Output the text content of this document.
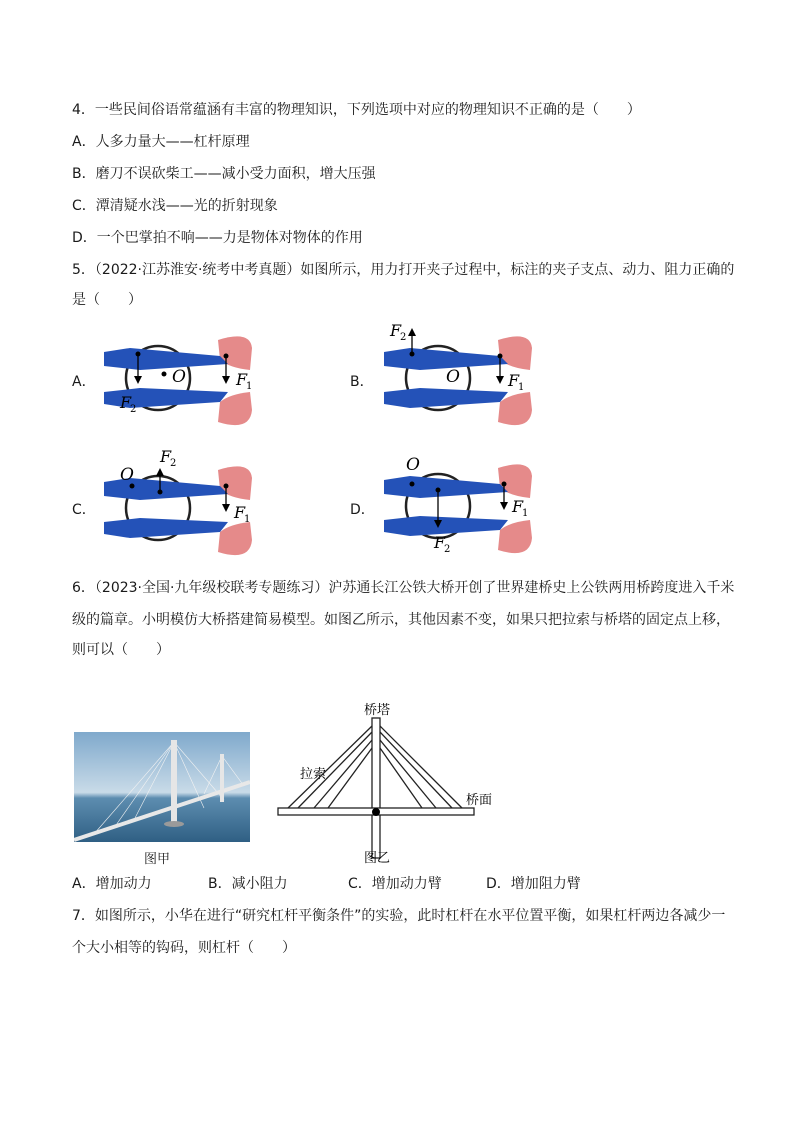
4．一些民间俗语常蕴涵有丰富的物理知识，下列选项中对应的物理知识不正确的是（　　）
A．人多力量大——杠杆原理
B．磨刀不误砍柴工——减小受力面积，增大压强
C．潭清疑水浅——光的折射现象
D．一个巴掌拍不响——力是物体对物体的作用
5．（2022·江苏淮安·统考中考真题）如图所示，用力打开夹子过程中，标注的夹子支点、动力、阻力正确的
是（　　）
A．	B．
C．	D．
O	F
1
F
2
O
F
2
F
1
O
F
2
F
1
O
F
2
F
1
6．（2023·全国·九年级校联考专题练习）沪苏通长江公铁大桥开创了世界建桥史上公铁两用桥跨度进入千米
级的篇章。小明模仿大桥搭建简易模型。如图乙所示，其他因素不变，如果只把拉索与桥塔的固定点上移，
则可以（　　）
图甲
桥塔
拉索
桥面
图乙
A．增加动力	B．减小阻力	C．增加动力臂	D．增加阻力臂
7．如图所示，小华在进行“研究杠杆平衡条件”的实验，此时杠杆在水平位置平衡，如果杠杆两边各减少一
个大小相等的钩码，则杠杆（　　）
